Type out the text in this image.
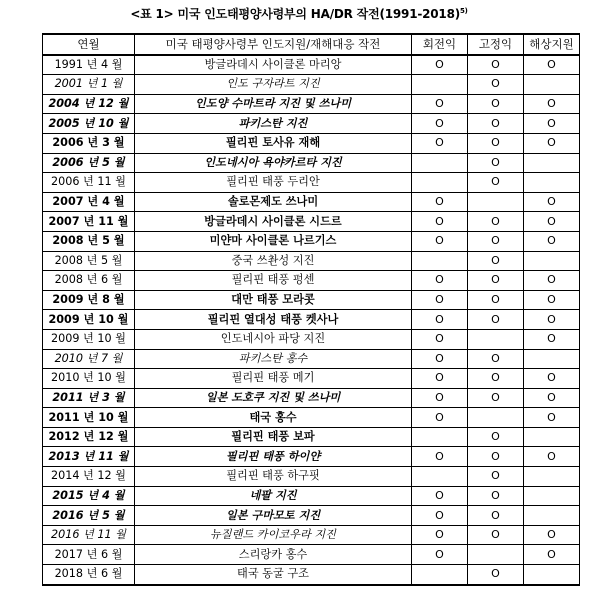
<표 1> 미국 인도태평양사령부의 HA/DR 작전(1991-2018)$^{5)}$
연월	미국 태평양사령부 인도지원/재해대응 작전	회전익	고정익	해상지원
1991 년 4 월	방글라데시 사이클론 마리앙	O	O	O
2001 년 1 월	인도 구자라트 지진		O	
2004 년 12 월	인도양 수마트라 지진 및 쓰나미	O	O	O
2005 년 10 월	파키스탄 지진	O	O	O
2006 년 3 월	필리핀 토사유 재해	O	O	O
2006 년 5 월	인도네시아 욕야카르타 지진		O	
2006 년 11 월	필리핀 태풍 두리안		O	
2007 년 4 월	솔로몬제도 쓰나미	O		O
2007 년 11 월	방글라데시 사이클론 시드르	O	O	O
2008 년 5 월	미얀마 사이클론 나르기스	O	O	O
2008 년 5 월	중국 쓰촨성 지진		O	
2008 년 6 월	필리핀 태풍 펑센	O	O	O
2009 년 8 월	대만 태풍 모라콧	O	O	O
2009 년 10 월	필리핀 열대성 태풍 켓사나	O	O	O
2009 년 10 월	인도네시아 파당 지진	O		O
2010 년 7 월	파키스탄 홍수	O	O	
2010 년 10 월	필리핀 태풍 메기	O	O	O
2011 년 3 월	일본 도호쿠 지진 및 쓰나미	O	O	O
2011 년 10 월	태국 홍수	O		O
2012 년 12 월	필리핀 태풍 보파		O	
2013 년 11 월	필리핀 태풍 하이얀	O	O	O
2014 년 12 월	필리핀 태풍 하구핏		O	
2015 년 4 월	네팔 지진	O	O	
2016 년 5 월	일본 구마모토 지진	O	O	
2016 년 11 월	뉴질랜드 카이코우라 지진	O	O	O
2017 년 6 월	스리랑카 홍수	O		O
2018 년 6 월	태국 동굴 구조		O	
